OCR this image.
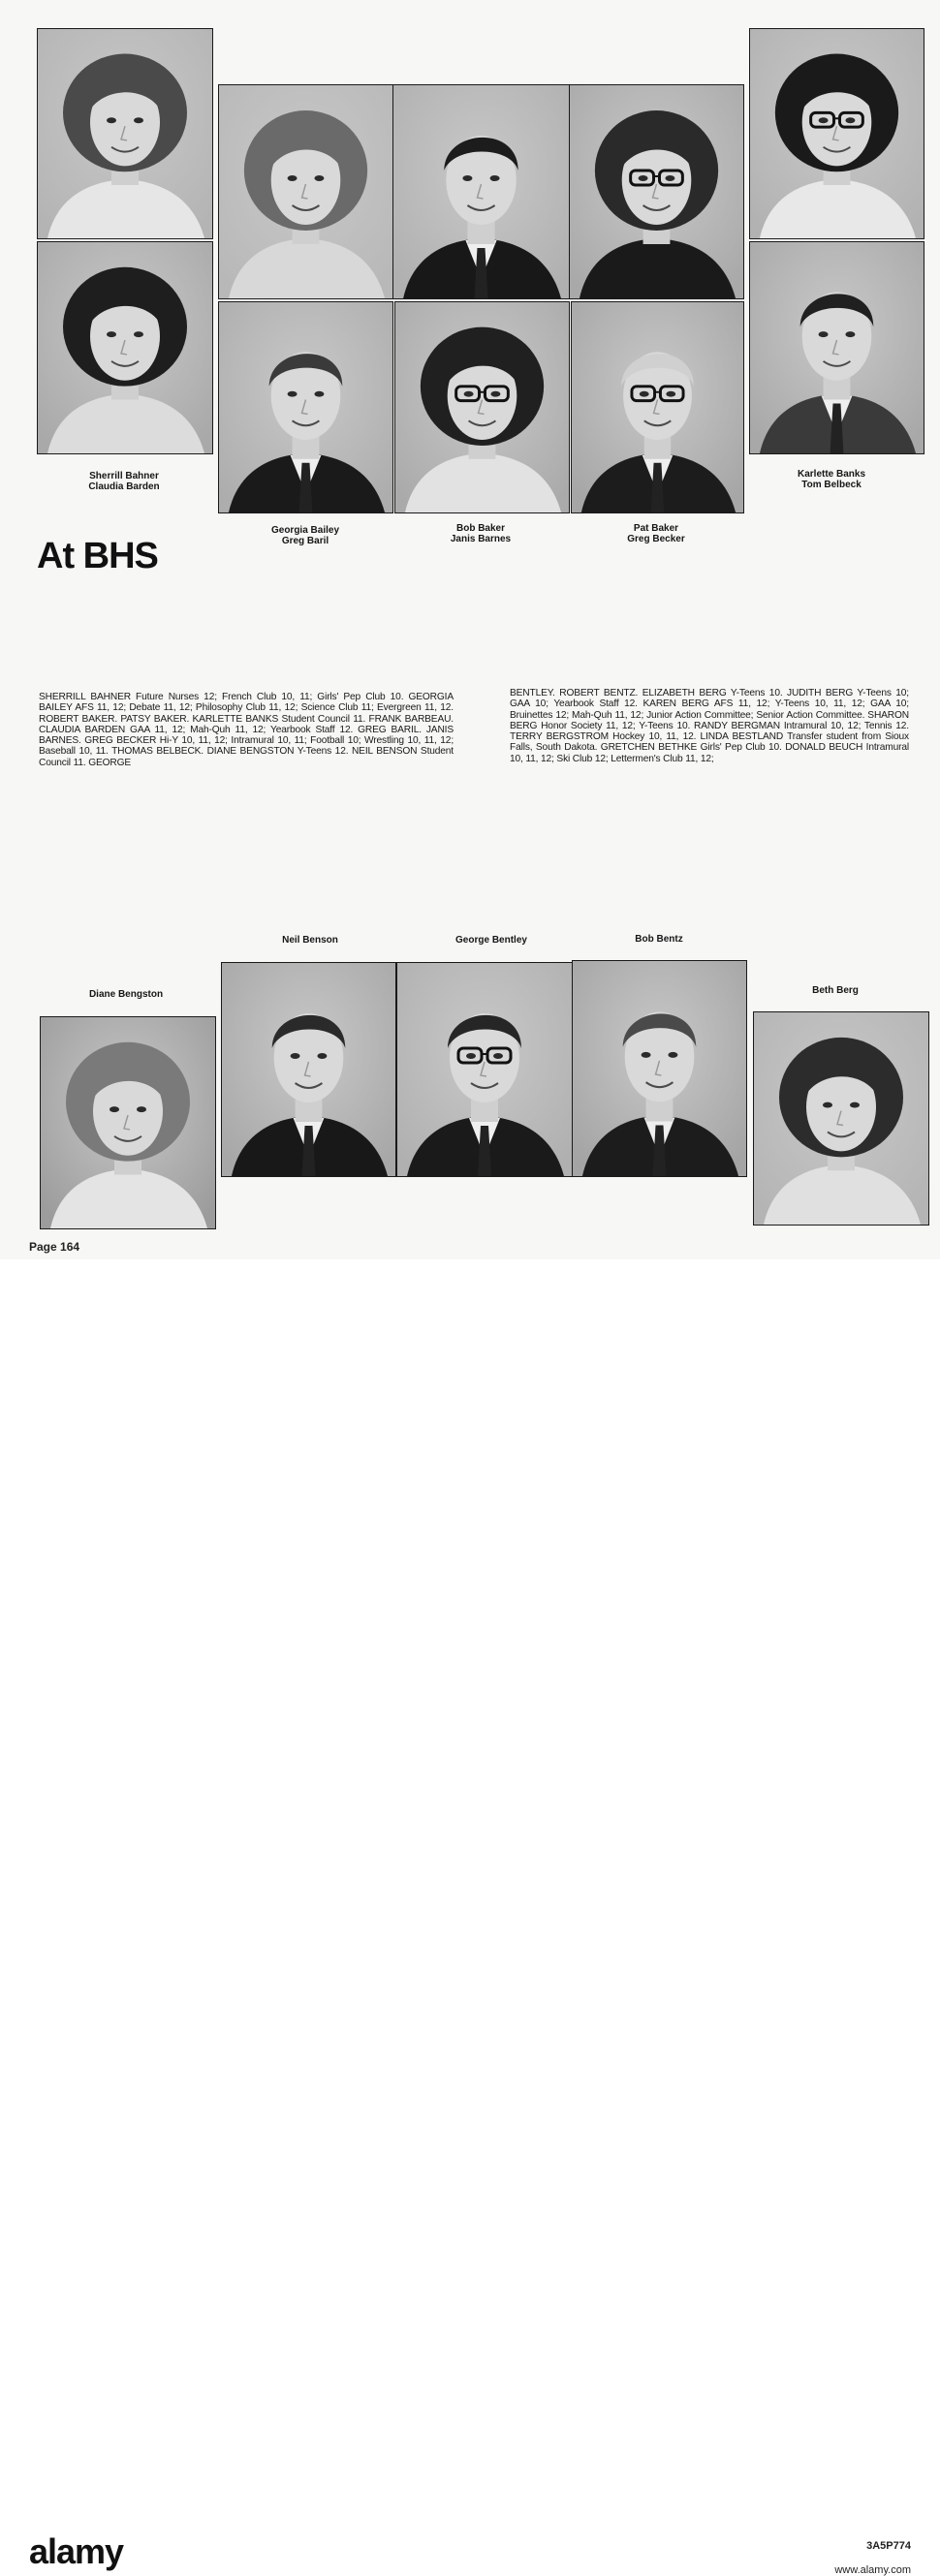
Sherrill Bahner
Claudia Barden
Georgia Bailey
Greg Baril
Bob Baker
Janis Barnes
Pat Baker
Greg Becker
Karlette Banks
Tom Belbeck
At BHS
SHERRILL BAHNER Future Nurses 12; French Club 10, 11; Girls' Pep Club 10. GEORGIA BAILEY AFS 11, 12; Debate 11, 12; Philosophy Club 11, 12; Science Club 11; Evergreen 11, 12. ROBERT BAKER. PATSY BAKER. KARLETTE BANKS Student Council 11. FRANK BARBEAU. CLAUDIA BARDEN GAA 11, 12; Mah-Quh 11, 12; Yearbook Staff 12. GREG BARIL. JANIS BARNES. GREG BECKER Hi-Y 10, 11, 12; Intramural 10, 11; Football 10; Wrestling 10, 11, 12; Baseball 10, 11. THOMAS BELBECK. DIANE BENGSTON Y-Teens 12. NEIL BENSON Student Council 11. GEORGE
BENTLEY. ROBERT BENTZ. ELIZABETH BERG Y-Teens 10. JUDITH BERG Y-Teens 10; GAA 10; Yearbook Staff 12. KAREN BERG AFS 11, 12; Y-Teens 10, 11, 12; GAA 10; Bruinettes 12; Mah-Quh 11, 12; Junior Action Committee; Senior Action Committee. SHARON BERG Honor Society 11, 12; Y-Teens 10. RANDY BERGMAN Intramural 10, 12; Tennis 12. TERRY BERGSTROM Hockey 10, 11, 12. LINDA BESTLAND Transfer student from Sioux Falls, South Dakota. GRETCHEN BETHKE Girls' Pep Club 10. DONALD BEUCH Intramural 10, 11, 12; Ski Club 12; Lettermen's Club 11, 12;
Neil Benson	George Bentley	Bob Bentz
Diane Bengston	Beth Berg
Page 164
alamy	3A5P774
www.alamy.com
